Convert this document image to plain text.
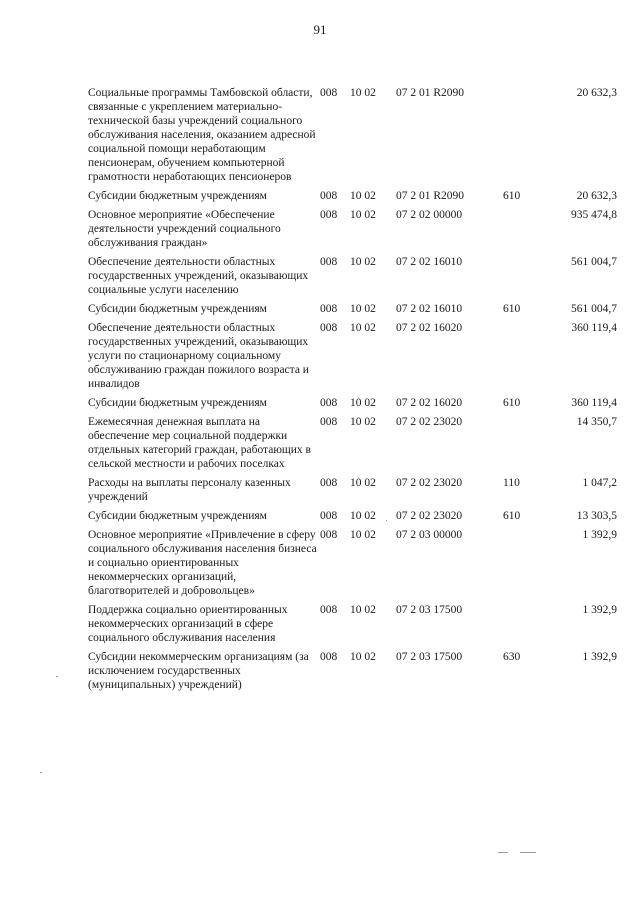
91
Социальные программы Тамбовской области, связанные с укреплением материально-технической базы учреждений социального обслуживания населения, оказанием адресной социальной помощи неработающим пенсионерам, обучением компьютерной грамотности неработающих пенсионеров	008	10 02	07 2 01 R2090		20 632,3
Субсидии бюджетным учреждениям	008	10 02	07 2 01 R2090	610	20 632,3
Основное мероприятие «Обеспечение деятельности учреждений социального обслуживания граждан»	008	10 02	07 2 02 00000		935 474,8
Обеспечение деятельности областных государственных учреждений, оказывающих социальные услуги населению	008	10 02	07 2 02 16010		561 004,7
Субсидии бюджетным учреждениям	008	10 02	07 2 02 16010	610	561 004,7
Обеспечение деятельности областных государственных учреждений, оказывающих услуги по стационарному социальному обслуживанию граждан пожилого возраста и инвалидов	008	10 02	07 2 02 16020		360 119,4
Субсидии бюджетным учреждениям	008	10 02	07 2 02 16020	610	360 119,4
Ежемесячная денежная выплата на обеспечение мер социальной поддержки отдельных категорий граждан, работающих в сельской местности и рабочих поселках	008	10 02	07 2 02 23020		14 350,7
Расходы на выплаты персоналу казенных учреждений	008	10 02	07 2 02 23020	110	1 047,2
Субсидии бюджетным учреждениям	008	10 02	07 2 02 23020	610	13 303,5
Основное мероприятие «Привлечение в сферу социального обслуживания населения бизнеса и социально ориентированных некоммерческих организаций, благотворителей и добровольцев»	008	10 02	07 2 03 00000		1 392,9
Поддержка социально ориентированных некоммерческих организаций в сфере социального обслуживания населения	008	10 02	07 2 03 17500		1 392,9
Субсидии некоммерческим организациям (за исключением государственных (муниципальных) учреждений)	008	10 02	07 2 03 17500	630	1 392,9
